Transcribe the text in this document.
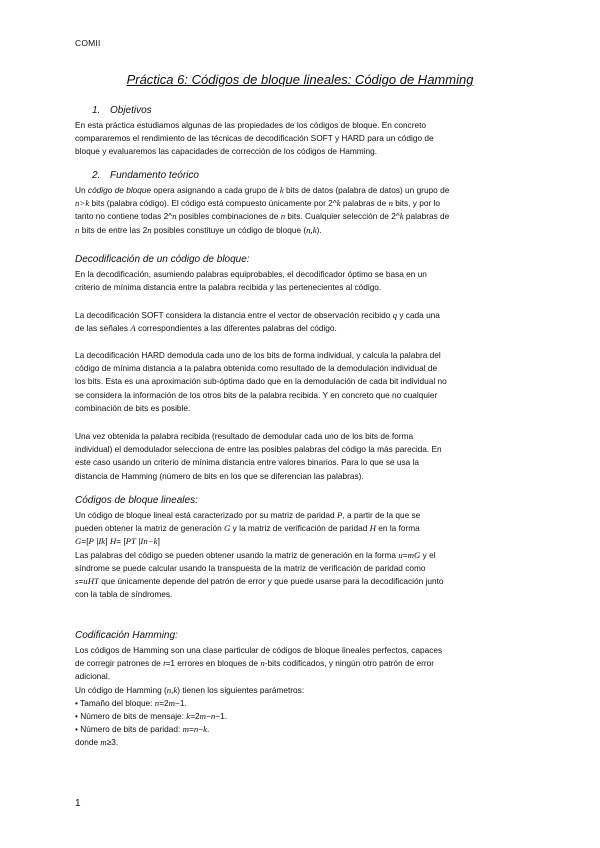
COMII
Práctica 6: Códigos de bloque lineales: Código de Hamming
1. Objetivos
En esta práctica estudiamos algunas de las propiedades de los códigos de bloque. En concreto
compararemos el rendimiento de las técnicas de decodificación SOFT y HARD para un código de
bloque y evaluaremos las capacidades de corrección de los códigos de Hamming.
2. Fundamento teórico
Un código de bloque opera asignando a cada grupo de k bits de datos (palabra de datos) un grupo de
n>k bits (palabra código). El código está compuesto únicamente por 2^k palabras de n bits, y por lo
tanto no contiene todas 2^n posibles combinaciones de n bits. Cualquier selección de 2^k palabras de
n bits de entre las 2n posibles constituye un código de bloque (n,k).
Decodificación de un código de bloque:
En la decodificación, asumiendo palabras equiprobables, el decodificador óptimo se basa en un
criterio de mínima distancia entre la palabra recibida y las pertenecientes al código.
La decodificación SOFT considera la distancia entre el vector de observación recibido q y cada una
de las señales A correspondientes a las diferentes palabras del código.
La decodificación HARD demodula cada uno de los bits de forma individual, y calcula la palabra del
código de mínima distancia a la palabra obtenida como resultado de la demodulación individual de
los bits. Esta es una aproximación sub-óptima dado que en la demodulación de cada bit individual no
se considera la información de los otros bits de la palabra recibida. Y en concreto que no cualquier
combinación de bits es posible.
Una vez obtenida la palabra recibida (resultado de demodular cada uno de los bits de forma
individual) el demodulador selecciona de entre las posibles palabras del código la más parecida. En
este caso usando un criterio de mínima distancia entre valores binarios. Para lo que se usa la
distancia de Hamming (número de bits en los que se diferencian las palabras).
Códigos de bloque lineales:
Un código de bloque lineal está caracterizado por su matriz de paridad P, a partir de la que se
pueden obtener la matriz de generación G y la matriz de verificación de paridad H en la forma
G=[P |Ik] H= [PT |In−k]
Las palabras del código se pueden obtener usando la matriz de generación en la forma u=mG y el
síndrome se puede calcular usando la transpuesta de la matriz de verificación de paridad como
s=uHT que únicamente depende del patrón de error y que puede usarse para la decodificación junto
con la tabla de síndromes.
Codificación Hamming:
Los códigos de Hamming son una clase particular de códigos de bloque lineales perfectos, capaces
de corregir patrones de t=1 errores en bloques de n-bits codificados, y ningún otro patrón de error
adicional.
Un código de Hamming (n,k) tienen los siguientes parámetros:
• Tamaño del bloque: n=2m−1.
• Número de bits de mensaje: k=2m−n−1.
• Número de bits de paridad: m=n−k.
donde m≥3.
1
